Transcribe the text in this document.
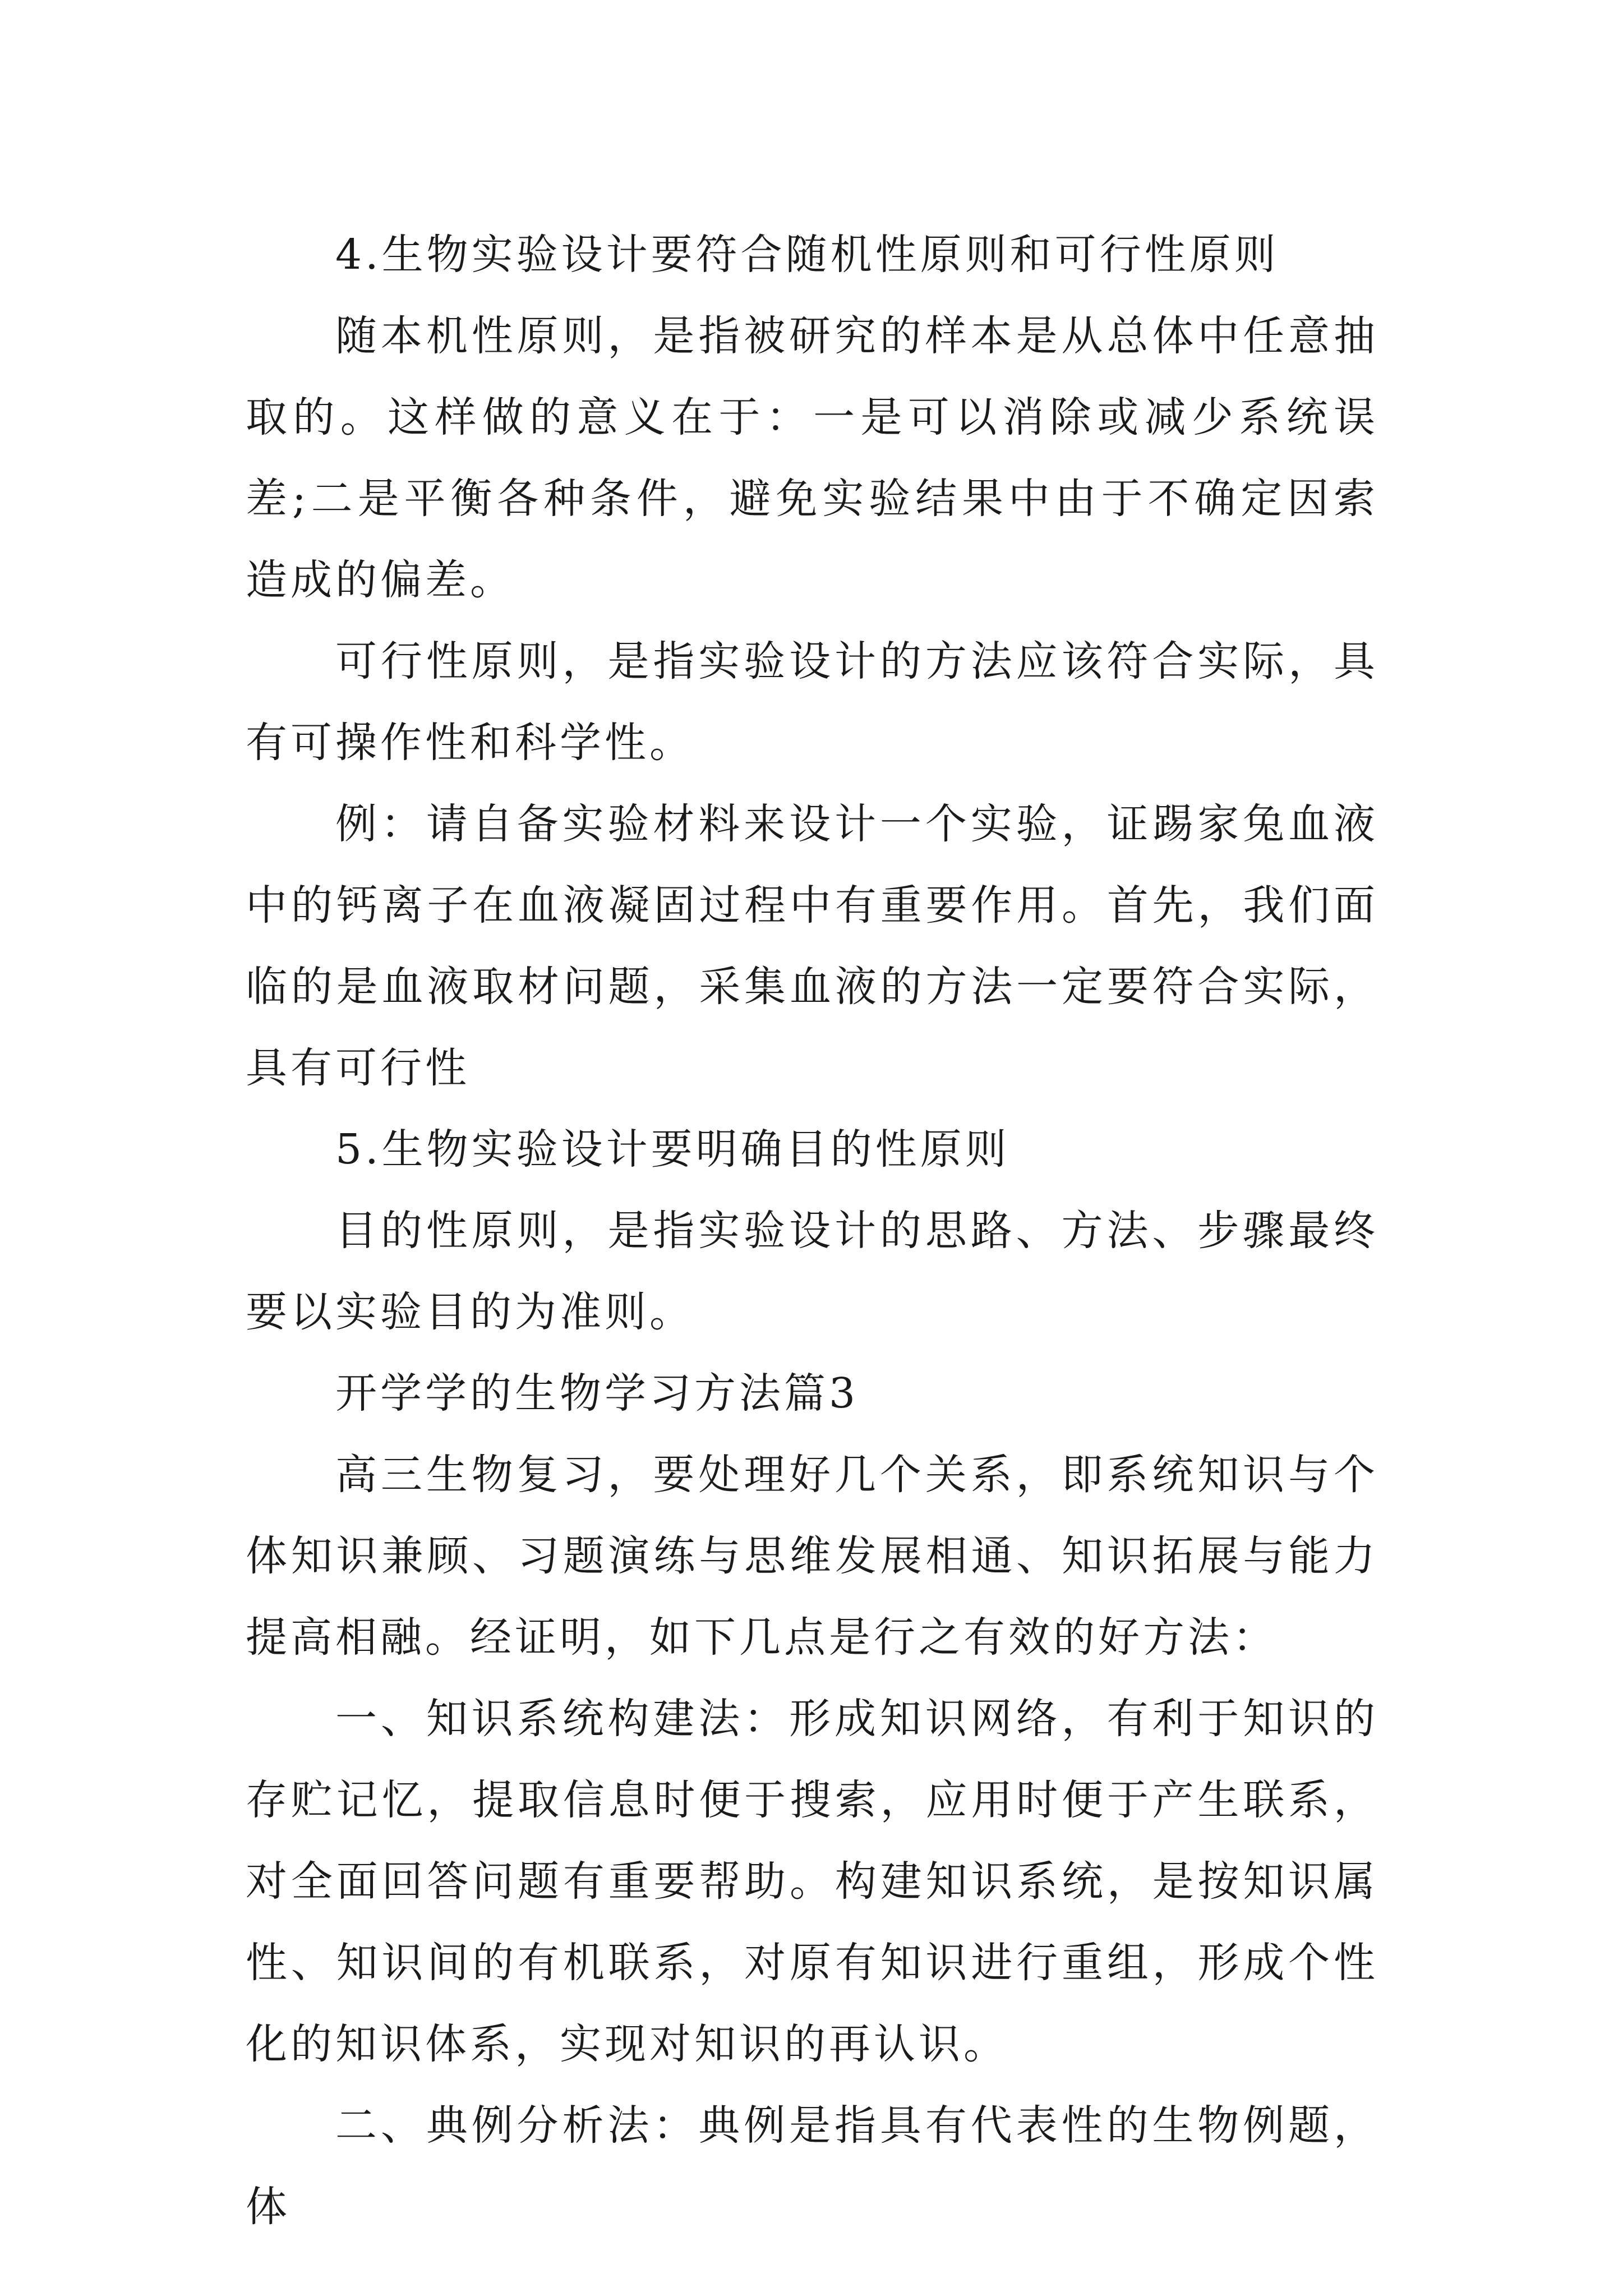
4.生物实验设计要符合随机性原则和可行性原则

随本机性原则，是指被研究的样本是从总体中任意抽取的。这样做的意义在于：一是可以消除或减少系统误差;二是平衡各种条件，避免实验结果中由于不确定因索造成的偏差。

可行性原则，是指实验设计的方法应该符合实际，具有可操作性和科学性。

例：请自备实验材料来设计一个实验，证踢家兔血液中的钙离子在血液凝固过程中有重要作用。首先，我们面临的是血液取材问题，采集血液的方法一定要符合实际，具有可行性

5.生物实验设计要明确目的性原则

目的性原则，是指实验设计的思路、方法、步骤最终要以实验目的为准则。

开学学的生物学习方法篇3

高三生物复习，要处理好几个关系，即系统知识与个体知识兼顾、习题演练与思维发展相通、知识拓展与能力提高相融。经证明，如下几点是行之有效的好方法：

一、知识系统构建法：形成知识网络，有利于知识的存贮记忆，提取信息时便于搜索，应用时便于产生联系，对全面回答问题有重要帮助。构建知识系统，是按知识属性、知识间的有机联系，对原有知识进行重组，形成个性化的知识体系，实现对知识的再认识。

二、典例分析法：典例是指具有代表性的生物例题，体
